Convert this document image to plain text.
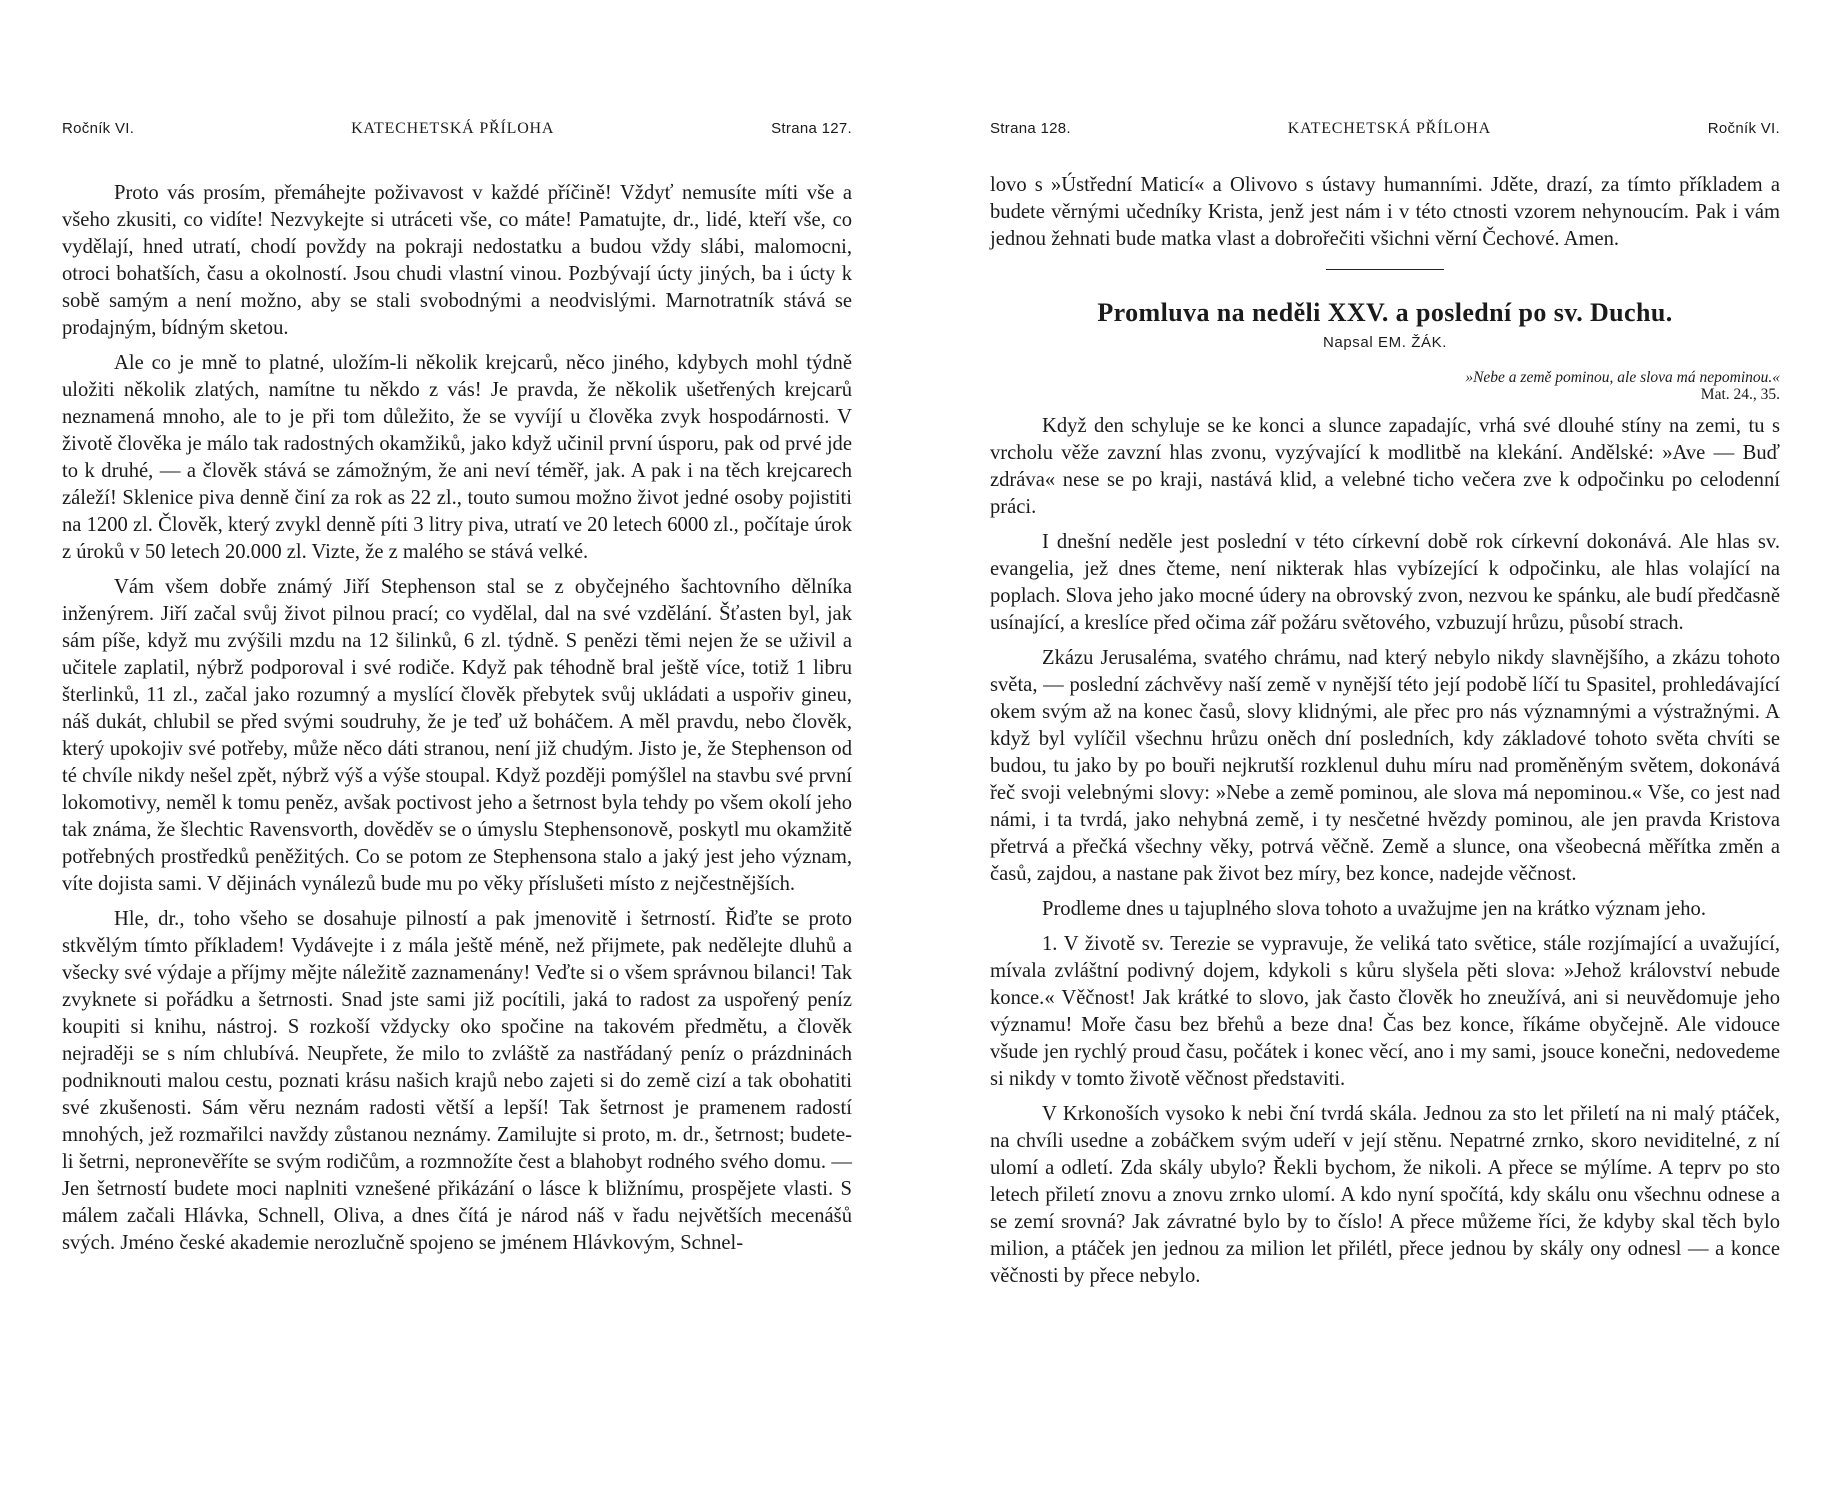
Ročník VI.	KATECHETSKÁ PŘÍLOHA	Strana 127.

Proto vás prosím, přemáhejte poživavost v každé příčině! Vždyť nemusíte míti vše a všeho zkusiti, co vidíte! Nezvykejte si utráceti vše, co máte! Pamatujte, dr., lidé, kteří vše, co vydělají, hned utratí, chodí povždy na pokraji nedostatku a budou vždy slábi, malomocni, otroci bohatších, času a okolností. Jsou chudi vlastní vinou. Pozbývají úcty jiných, ba i úcty k sobě samým a není možno, aby se stali svobodnými a neodvislými. Marnotratník stává se prodajným, bídným sketou.

Ale co je mně to platné, uložím-li několik krejcarů, něco jiného, kdybych mohl týdně uložiti několik zlatých, namítne tu někdo z vás! Je pravda, že několik ušetřených krejcarů neznamená mnoho, ale to je při tom důležito, že se vyvíjí u člověka zvyk hospodárnosti. V životě člověka je málo tak radostných okamžiků, jako když učinil první úsporu, pak od prvé jde to k druhé, — a člověk stává se zámožným, že ani neví téměř, jak. A pak i na těch krejcarech záleží! Sklenice piva denně činí za rok as 22 zl., touto sumou možno život jedné osoby pojistiti na 1200 zl. Člověk, který zvykl denně píti 3 litry piva, utratí ve 20 letech 6000 zl., počítaje úrok z úroků v 50 letech 20.000 zl. Vizte, že z malého se stává velké.

Vám všem dobře známý Jiří Stephenson stal se z obyčejného šachtovního dělníka inženýrem. Jiří začal svůj život pilnou prací; co vydělal, dal na své vzdělání. Šťasten byl, jak sám píše, když mu zvýšili mzdu na 12 šilinků, 6 zl. týdně. S penězi těmi nejen že se uživil a učitele zaplatil, nýbrž podporoval i své rodiče. Když pak téhodně bral ještě více, totiž 1 libru šterlinků, 11 zl., začal jako rozumný a myslící člověk přebytek svůj ukládati a uspořiv gineu, náš dukát, chlubil se před svými soudruhy, že je teď už boháčem. A měl pravdu, nebo člověk, který upokojiv své potřeby, může něco dáti stranou, není již chudým. Jisto je, že Stephenson od té chvíle nikdy nešel zpět, nýbrž výš a výše stoupal. Když později pomýšlel na stavbu své první lokomotivy, neměl k tomu peněz, avšak poctivost jeho a šetrnost byla tehdy po všem okolí jeho tak známa, že šlechtic Ravensvorth, dověděv se o úmyslu Stephensonově, poskytl mu okamžitě potřebných prostředků peněžitých. Co se potom ze Stephensona stalo a jaký jest jeho význam, víte dojista sami. V dějinách vynálezů bude mu po věky příslušeti místo z nejčestnějších.

Hle, dr., toho všeho se dosahuje pilností a pak jmenovitě i šetrností. Řiďte se proto stkvělým tímto příkladem! Vydávejte i z mála ještě méně, než přijmete, pak nedělejte dluhů a všecky své výdaje a příjmy mějte náležitě zaznamenány! Veďte si o všem správnou bilanci! Tak zvyknete si pořádku a šetrnosti. Snad jste sami již pocítili, jaká to radost za uspořený peníz koupiti si knihu, nástroj. S rozkoší vždycky oko spočine na takovém předmětu, a člověk nejraději se s ním chlubívá. Neupřete, že milo to zvláště za nastřádaný peníz o prázdninách podniknouti malou cestu, poznati krásu našich krajů nebo zajeti si do země cizí a tak obohatiti své zkušenosti. Sám věru neznám radosti větší a lepší! Tak šetrnost je pramenem radostí mnohých, jež rozmařilci navždy zůstanou neznámy. Zamilujte si proto, m. dr., šetrnost; budete-li šetrni, nepronevěříte se svým rodičům, a rozmnožíte čest a blahobyt rodného svého domu. — Jen šetrností budete moci naplniti vznešené přikázání o lásce k bližnímu, prospějete vlasti. S málem začali Hlávka, Schnell, Oliva, a dnes čítá je národ náš v řadu největších mecenášů svých. Jméno české akademie nerozlučně spojeno se jménem Hlávkovým, Schnel-

Strana 128.	KATECHETSKÁ PŘÍLOHA	Ročník VI.

lovo s »Ústřední Maticí« a Olivovo s ústavy humanními. Jděte, drazí, za tímto příkladem a budete věrnými učedníky Krista, jenž jest nám i v této ctnosti vzorem nehynoucím. Pak i vám jednou žehnati bude matka vlast a dobrořečiti všichni věrní Čechové. Amen.

Promluva na neděli XXV. a poslední po sv. Duchu.
Napsal EM. ŽÁK.
»Nebe a země pominou, ale slova má nepominou.«
Mat. 24., 35.

Když den schyluje se ke konci a slunce zapadajíc, vrhá své dlouhé stíny na zemi, tu s vrcholu věže zavzní hlas zvonu, vyzývající k modlitbě na klekání. Andělské: »Ave — Buď zdráva« nese se po kraji, nastává klid, a velebné ticho večera zve k odpočinku po celodenní práci.

I dnešní neděle jest poslední v této církevní době rok církevní dokonává. Ale hlas sv. evangelia, jež dnes čteme, není nikterak hlas vybízející k odpočinku, ale hlas volající na poplach. Slova jeho jako mocné údery na obrovský zvon, nezvou ke spánku, ale budí předčasně usínající, a kreslíce před očima zář požáru světového, vzbuzují hrůzu, působí strach.

Zkázu Jerusaléma, svatého chrámu, nad který nebylo nikdy slavnějšího, a zkázu tohoto světa, — poslední záchvěvy naší země v nynější této její podobě líčí tu Spasitel, prohledávající okem svým až na konec časů, slovy klidnými, ale přec pro nás významnými a výstražnými. A když byl vylíčil všechnu hrůzu oněch dní posledních, kdy základové tohoto světa chvíti se budou, tu jako by po bouři nejkrutší rozklenul duhu míru nad proměněným světem, dokonává řeč svoji velebnými slovy: »Nebe a země pominou, ale slova má nepominou.« Vše, co jest nad námi, i ta tvrdá, jako nehybná země, i ty nesčetné hvězdy pominou, ale jen pravda Kristova přetrvá a přečká všechny věky, potrvá věčně. Země a slunce, ona všeobecná měřítka změn a časů, zajdou, a nastane pak život bez míry, bez konce, nadejde věčnost.

Prodleme dnes u tajuplného slova tohoto a uvažujme jen na krátko význam jeho.

1. V životě sv. Terezie se vypravuje, že veliká tato světice, stále rozjímající a uvažující, mívala zvláštní podivný dojem, kdykoli s kůru slyšela pěti slova: »Jehož království nebude konce.« Věčnost! Jak krátké to slovo, jak často člověk ho zneužívá, ani si neuvědomuje jeho významu! Moře času bez břehů a beze dna! Čas bez konce, říkáme obyčejně. Ale vidouce všude jen rychlý proud času, počátek i konec věcí, ano i my sami, jsouce konečni, nedovedeme si nikdy v tomto životě věčnost představiti.

V Krkonoších vysoko k nebi ční tvrdá skála. Jednou za sto let přiletí na ni malý ptáček, na chvíli usedne a zobáčkem svým udeří v její stěnu. Nepatrné zrnko, skoro neviditelné, z ní ulomí a odletí. Zda skály ubylo? Řekli bychom, že nikoli. A přece se mýlíme. A teprv po sto letech přiletí znovu a znovu zrnko ulomí. A kdo nyní spočítá, kdy skálu onu všechnu odnese a se zemí srovná? Jak závratné bylo by to číslo! A přece můžeme říci, že kdyby skal těch bylo milion, a ptáček jen jednou za milion let přilétl, přece jednou by skály ony odnesl — a konce věčnosti by přece nebylo.
